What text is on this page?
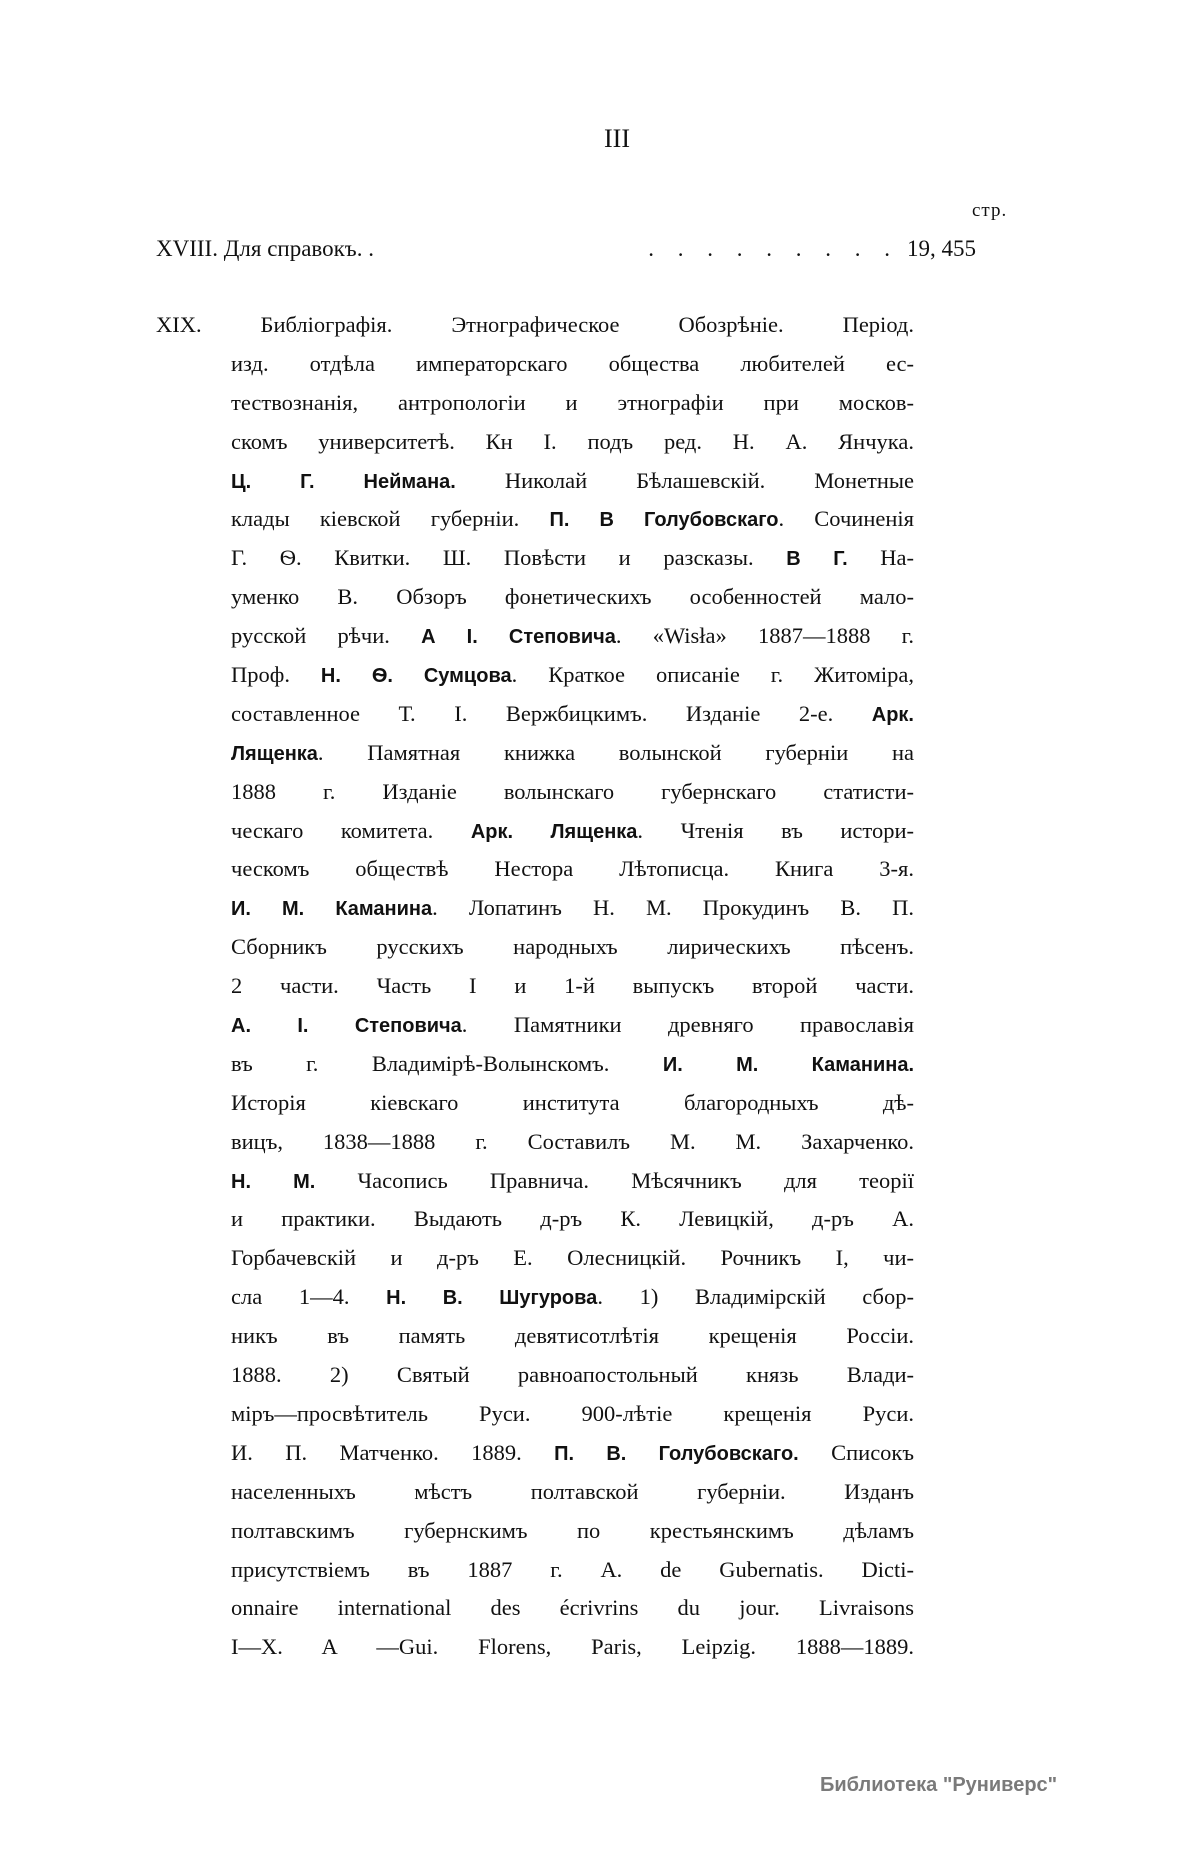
III
стр.
XVIII. Для справокъ. .	. . . . . . . . . 19, 455
XIX.	Библіографія. Этнографическое Обозрѣніе. Період.
изд. отдѣла императорскаго общества любителей ес-
тествознанія, антропологіи и этнографіи при москов-
скомъ университетѣ. Кн I. подъ ред. Н. А. Янчука.
Ц. Г. Неймана. Николай Бѣлашевскій. Монетные
клады кіевской губерніи. П. В Голубовскаго. Сочиненія
Г. Ѳ. Квитки. Ш. Повѣсти и разсказы. В Г. На-
уменко В. Обзоръ фонетическихъ особенностей мало-
русской рѣчи. А І. Степовича. «Wisła» 1887—1888 г.
Проф. Н. Ѳ. Сумцова. Краткое описаніе г. Житоміра,
составленное Т. І. Вержбицкимъ. Изданіе 2-е. Арк.
Лященка. Памятная книжка волынской губерніи на
1888 г. Изданіе волынскаго губернскаго статисти-
ческаго комитета. Арк. Лященка. Чтенія въ истори-
ческомъ обществѣ Нестора Лѣтописца. Книга 3-я.
И. М. Каманина. Лопатинъ Н. М. Прокудинъ В. П.
Сборникъ русскихъ народныхъ лирическихъ пѣсенъ.
2 части. Часть I и 1-й выпускъ второй части.
А. І. Степовича. Памятники древняго православія
въ г. Владимірѣ-Волынскомъ. И. М. Каманина.
Исторія кіевскаго института благородныхъ дѣ-
вицъ, 1838—1888 г. Составилъ М. М. Захарченко.
Н. М. Часопись Правнича. Мѣсячникъ для теорії
и практики. Выдають д-ръ К. Левицкій, д-ръ А.
Горбачевскій и д-ръ Е. Олесницкій. Рочникъ I, чи-
сла 1—4. Н. В. Шугурова. 1) Владимірскій сбор-
никъ въ память девятисотлѣтія крещенія Россіи.
1888. 2) Святый равноапостольный князь Влади-
міръ—просвѣтитель Руси. 900-лѣтіе крещенія Руси.
И. П. Матченко. 1889. П. В. Голубовскаго. Списокъ
населенныхъ мѣстъ полтавской губерніи. Изданъ
полтавскимъ губернскимъ по крестьянскимъ дѣламъ
присутствіемъ въ 1887 г. A. de Gubernatis. Dicti-
onnaire international des écrivrins du jour. Livraisons
I—X. A —Gui. Florens, Paris, Leipzig. 1888—1889.
Библиотека "Руниверс"
